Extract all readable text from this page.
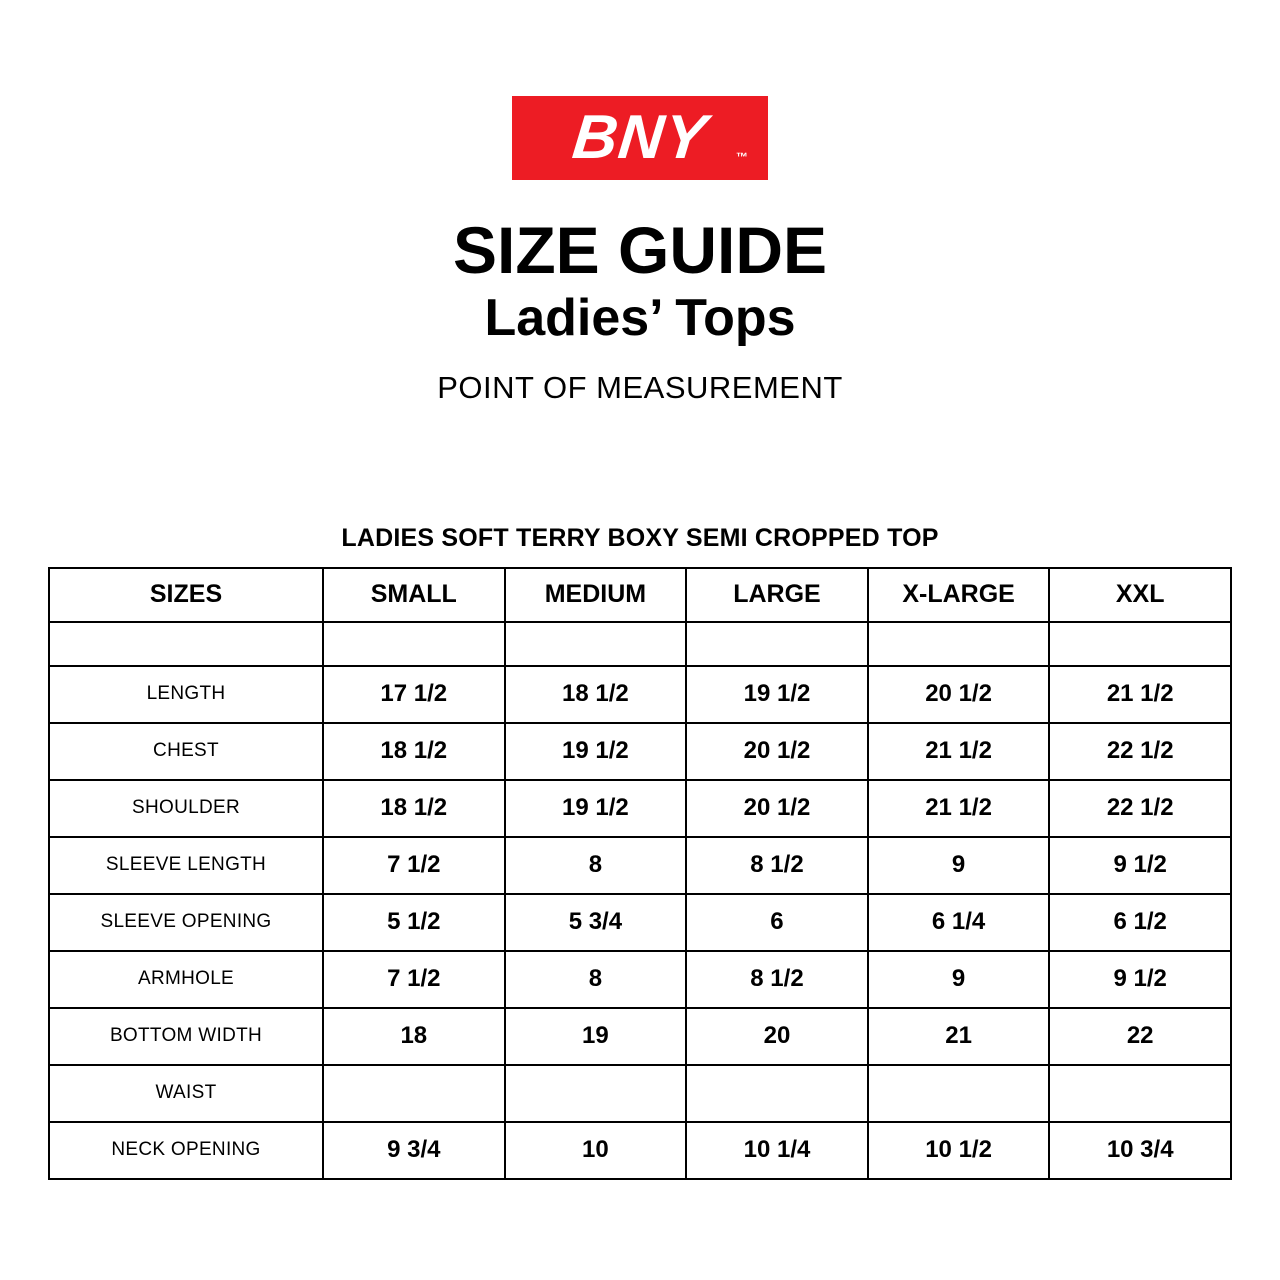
BNY ™
SIZE GUIDE
Ladies’ Tops
POINT OF MEASUREMENT
LADIES SOFT TERRY BOXY SEMI CROPPED TOP
SIZES	SMALL	MEDIUM	LARGE	X-LARGE	XXL

LENGTH	17 1/2	18 1/2	19 1/2	20 1/2	21 1/2
CHEST	18 1/2	19 1/2	20 1/2	21 1/2	22 1/2
SHOULDER	18 1/2	19 1/2	20 1/2	21 1/2	22 1/2
SLEEVE LENGTH	7 1/2	8	8 1/2	9	9 1/2
SLEEVE OPENING	5 1/2	5 3/4	6	6 1/4	6 1/2
ARMHOLE	7 1/2	8	8 1/2	9	9 1/2
BOTTOM WIDTH	18	19	20	21	22
WAIST					
NECK OPENING	9 3/4	10	10 1/4	10 1/2	10 3/4
